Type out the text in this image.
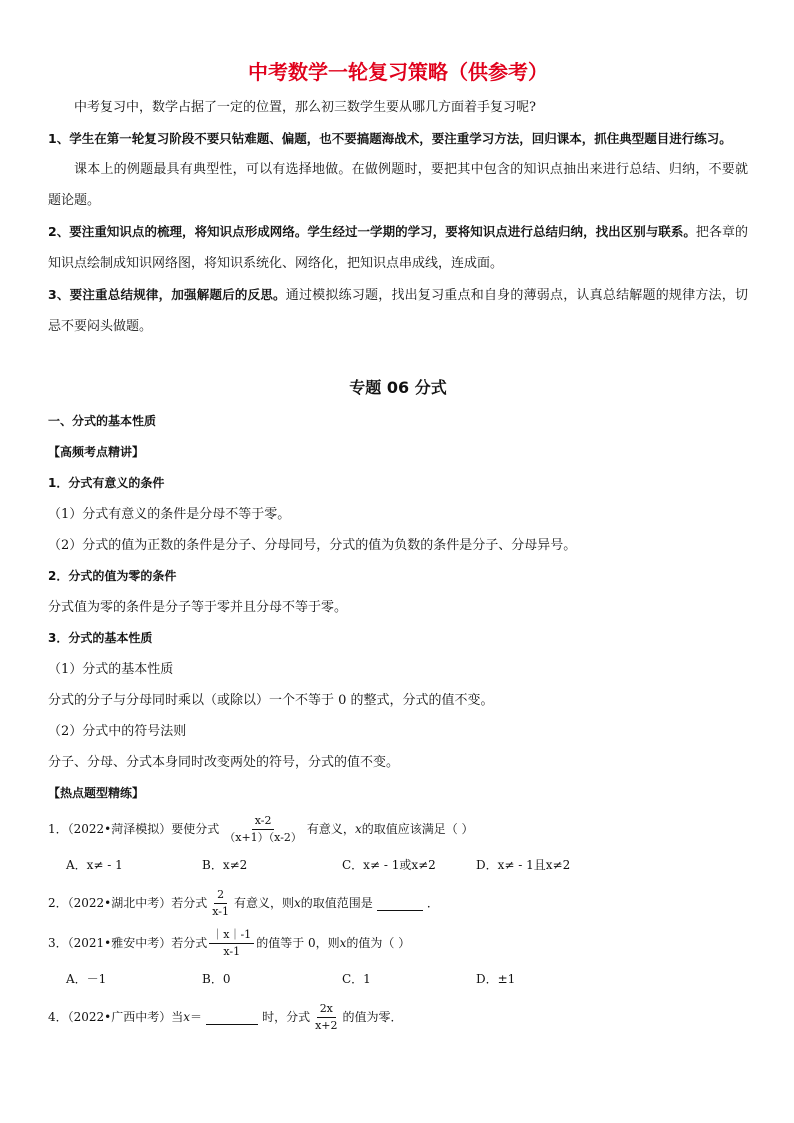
中考数学一轮复习策略（供参考）

中考复习中，数学占据了一定的位置，那么初三数学生要从哪几方面着手复习呢?

1、学生在第一轮复习阶段不要只钻难题、偏题，也不要搞题海战术，要注重学习方法，回归课本，抓住典型题目进行练习。

课本上的例题最具有典型性，可以有选择地做。在做例题时，要把其中包含的知识点抽出来进行总结、归纳，不要就题论题。

2、要注重知识点的梳理，将知识点形成网络。学生经过一学期的学习，要将知识点进行总结归纳，找出区别与联系。把各章的知识点绘制成知识网络图，将知识系统化、网络化，把知识点串成线，连成面。

3、要注重总结规律，加强解题后的反思。通过模拟练习题，找出复习重点和自身的薄弱点，认真总结解题的规律方法，切忌不要闷头做题。

专题 06 分式

一、分式的基本性质

【高频考点精讲】

1．分式有意义的条件

（1）分式有意义的条件是分母不等于零。

（2）分式的值为正数的条件是分子、分母同号，分式的值为负数的条件是分子、分母异号。

2．分式的值为零的条件

分式值为零的条件是分子等于零并且分母不等于零。

3．分式的基本性质

（1）分式的基本性质

分式的分子与分母同时乘以（或除以）一个不等于 0 的整式，分式的值不变。

（2）分式中的符号法则

分子、分母、分式本身同时改变两处的符号，分式的值不变。

【热点题型精练】

1．（2022•菏泽模拟）要使分式 $\frac{x-2}{(x+1)(x-2)}$ 有意义， x 的取值应该满足（ ）
A．x≠ - 1	B．x≠2	C．x≠ - 1或x≠2	D．x≠ - 1且x≠2
2．（2022•湖北中考）若分式 $\frac{2}{x-1}$ 有意义，则 x 的取值范围是	．
3．（2021•雅安中考）若分式 $\frac{|x|-1}{x-1}$ 的值等于 0，则 x 的值为（ ）
A．－1	B．0	C．1	D．±1
4．（2022•广西中考）当 x ＝	时，分式 $\frac{2x}{x+2}$ 的值为零．
